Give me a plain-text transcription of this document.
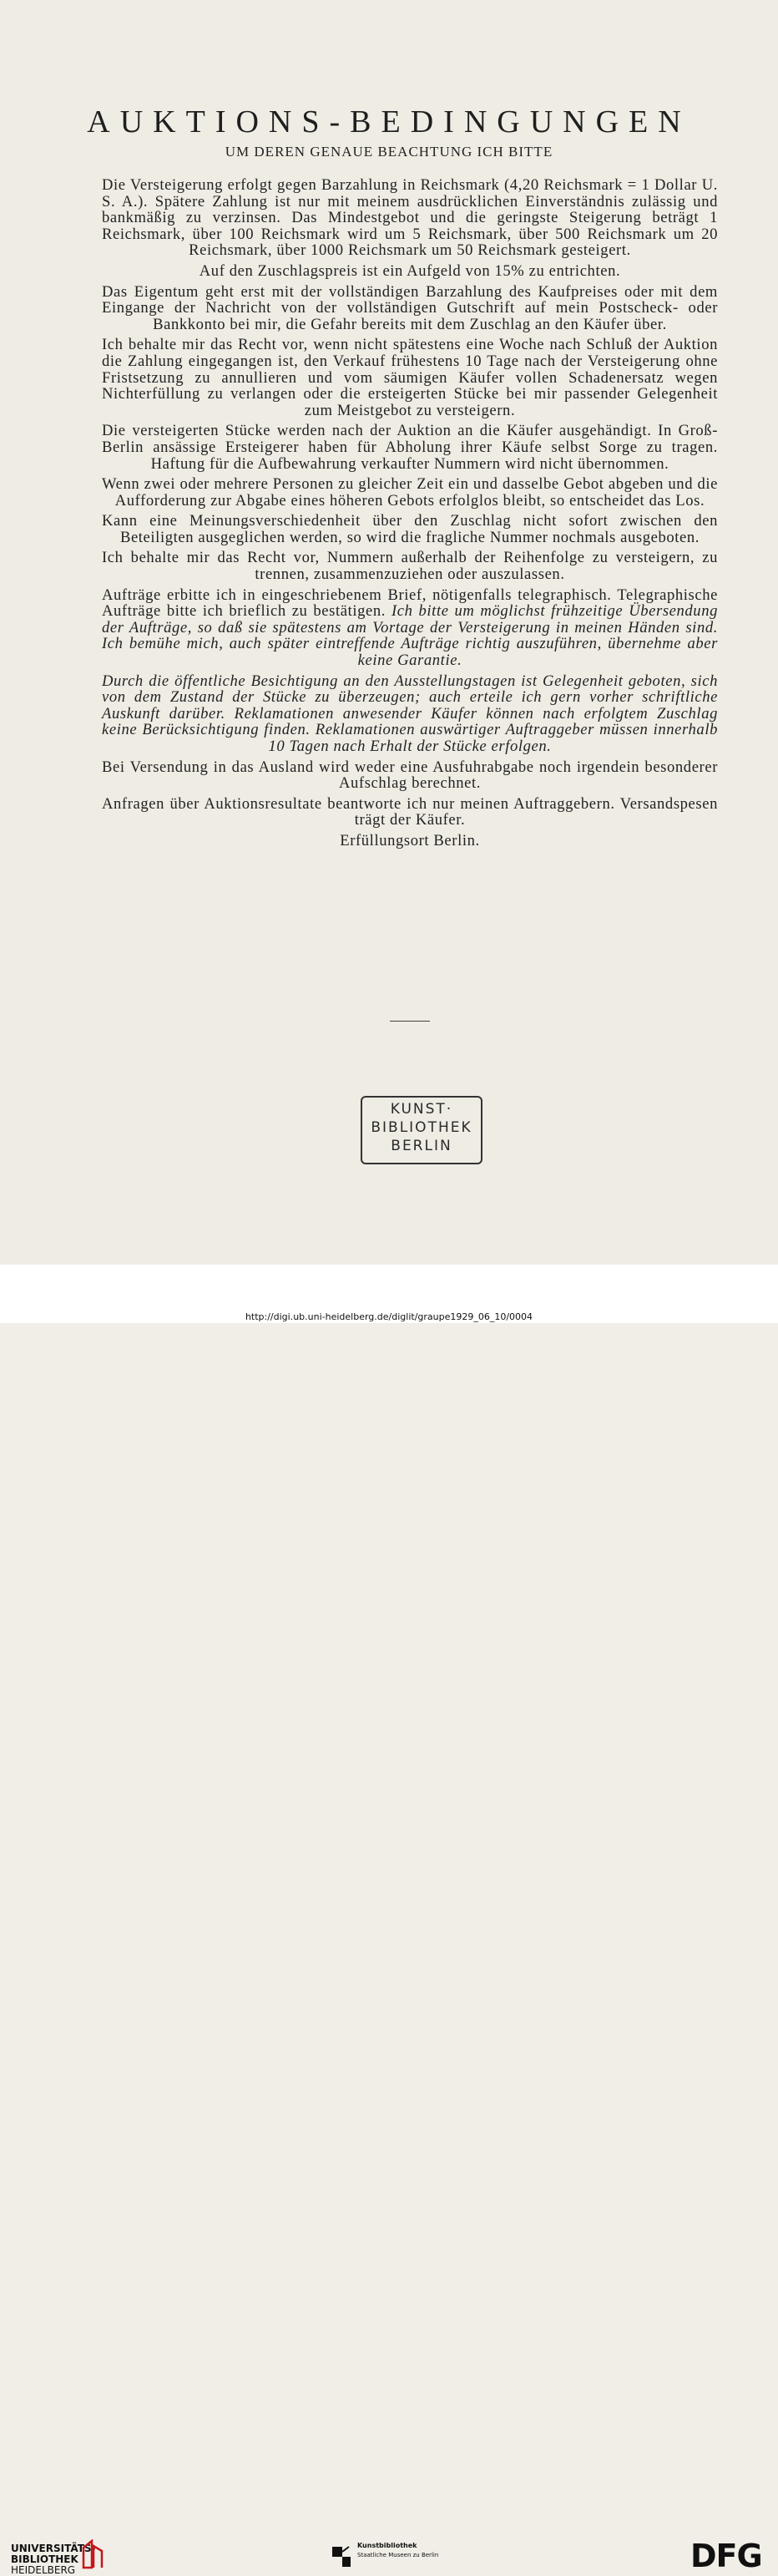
AUKTIONS-BEDINGUNGEN
UM DEREN GENAUE BEACHTUNG ICH BITTE

Die Versteigerung erfolgt gegen Barzahlung in Reichsmark (4,20 Reichsmark = 1 Dollar U. S. A.). Spätere Zahlung ist nur mit meinem ausdrücklichen Einverständnis zulässig und bankmäßig zu verzinsen. Das Mindestgebot und die geringste Steigerung beträgt 1 Reichsmark, über 100 Reichsmark wird um 5 Reichsmark, über 500 Reichsmark um 20 Reichsmark, über 1000 Reichsmark um 50 Reichsmark gesteigert.

Auf den Zuschlagspreis ist ein Aufgeld von 15% zu entrichten.

Das Eigentum geht erst mit der vollständigen Barzahlung des Kaufpreises oder mit dem Eingange der Nachricht von der vollständigen Gutschrift auf mein Postscheck- oder Bankkonto bei mir, die Gefahr bereits mit dem Zuschlag an den Käufer über.

Ich behalte mir das Recht vor, wenn nicht spätestens eine Woche nach Schluß der Auktion die Zahlung eingegangen ist, den Verkauf frühestens 10 Tage nach der Versteigerung ohne Fristsetzung zu annullieren und vom säumigen Käufer vollen Schadenersatz wegen Nichterfüllung zu verlangen oder die ersteigerten Stücke bei mir passender Gelegenheit zum Meistgebot zu versteigern.

Die versteigerten Stücke werden nach der Auktion an die Käufer ausgehändigt. In Groß-Berlin ansässige Ersteigerer haben für Abholung ihrer Käufe selbst Sorge zu tragen. Haftung für die Aufbewahrung verkaufter Nummern wird nicht übernommen.

Wenn zwei oder mehrere Personen zu gleicher Zeit ein und dasselbe Gebot abgeben und die Aufforderung zur Abgabe eines höheren Gebots erfolglos bleibt, so entscheidet das Los.

Kann eine Meinungsverschiedenheit über den Zuschlag nicht sofort zwischen den Beteiligten ausgeglichen werden, so wird die fragliche Nummer nochmals ausgeboten.

Ich behalte mir das Recht vor, Nummern außerhalb der Reihenfolge zu versteigern, zu trennen, zusammenzuziehen oder auszulassen.

Aufträge erbitte ich in eingeschriebenem Brief, nötigenfalls telegraphisch. Telegraphische Aufträge bitte ich brieflich zu bestätigen. Ich bitte um möglichst frühzeitige Übersendung der Aufträge, so daß sie spätestens am Vortage der Versteigerung in meinen Händen sind. Ich bemühe mich, auch später eintreffende Aufträge richtig auszuführen, übernehme aber keine Garantie.

Durch die öffentliche Besichtigung an den Ausstellungstagen ist Gelegenheit geboten, sich von dem Zustand der Stücke zu überzeugen; auch erteile ich gern vorher schriftliche Auskunft darüber. Reklamationen anwesender Käufer können nach erfolgtem Zuschlag keine Berücksichtigung finden. Reklamationen auswärtiger Auftraggeber müssen innerhalb 10 Tagen nach Erhalt der Stücke erfolgen.

Bei Versendung in das Ausland wird weder eine Ausfuhrabgabe noch irgendein besonderer Aufschlag berechnet.

Anfragen über Auktionsresultate beantworte ich nur meinen Auftraggebern. Versandspesen trägt der Käufer.

Erfüllungsort Berlin.

KUNST·
BIBLIOTHEK
BERLIN
UNIVERSITÄTS-
BIBLIOTHEK
HEIDELBERG
Kunstbibliothek
Staatliche Museen zu Berlin	DFG
http://digi.ub.uni-heidelberg.de/diglit/graupe1929_06_10/0004
